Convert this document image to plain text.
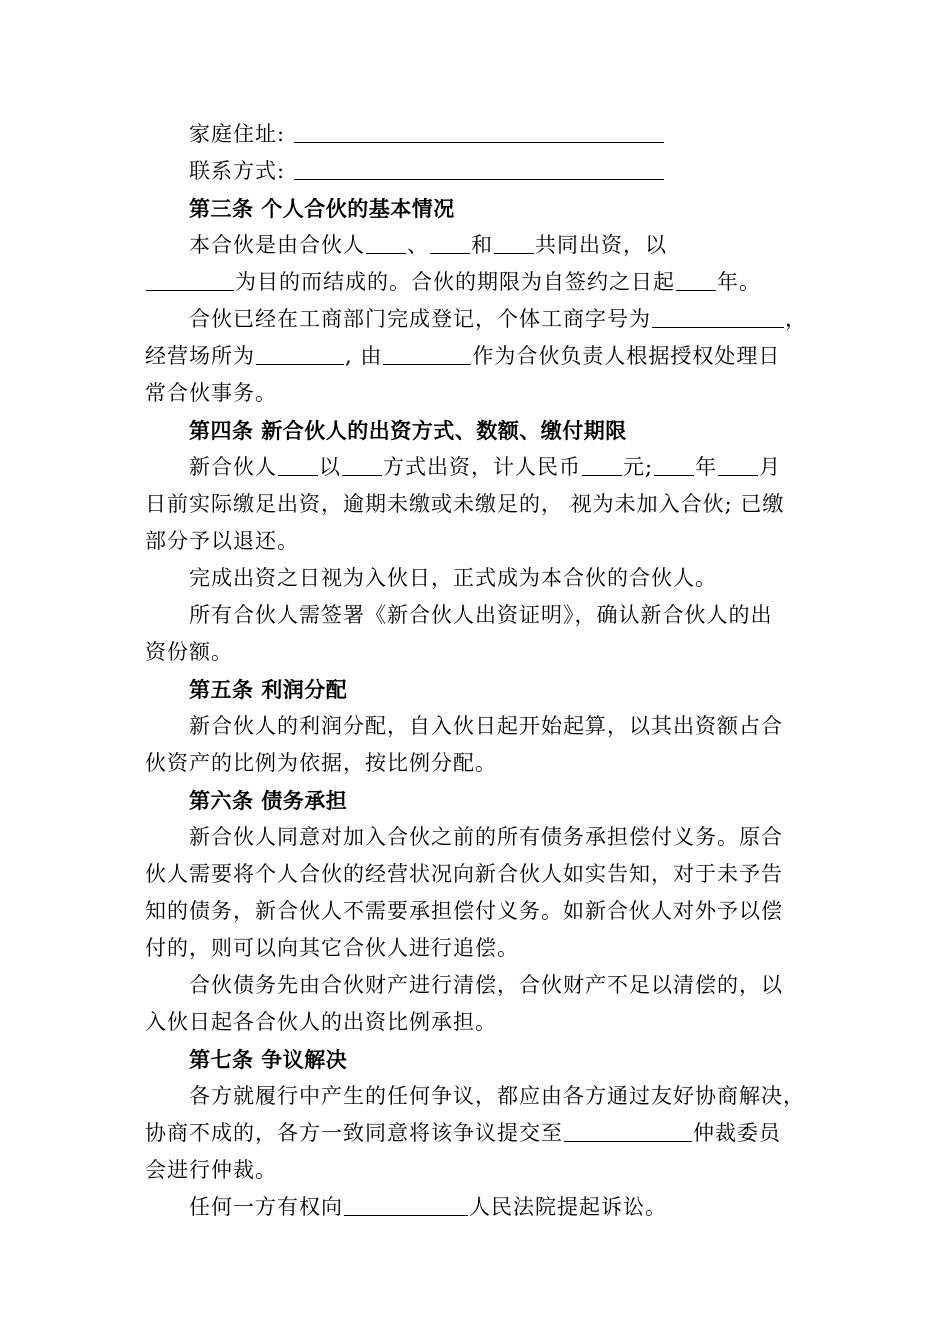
家庭住址:
联系方式:
第三条 个人合伙的基本情况
本合伙是由合伙人 、 和 共同出资，以
为目的而结成的。合伙的期限为自签约之日起 年。
合伙已经在工商部门完成登记，个体工商字号为	，
经营场所为	, 由	作为合伙负责人根据授权处理日
常合伙事务。
第四条 新合伙人的出资方式、数额、缴付期限
新合伙人 以 方式出资，计人民币 元; 年 月
日前实际缴足出资，逾期未缴或未缴足的， 视为未加入合伙; 已缴
部分予以退还。
完成出资之日视为入伙日，正式成为本合伙的合伙人。
所有合伙人需签署《新合伙人出资证明》，确认新合伙人的出
资份额。
第五条 利润分配
新合伙人的利润分配，自入伙日起开始起算，以其出资额占合
伙资产的比例为依据，按比例分配。
第六条 债务承担
新合伙人同意对加入合伙之前的所有债务承担偿付义务。原合
伙人需要将个人合伙的经营状况向新合伙人如实告知，对于未予告
知的债务，新合伙人不需要承担偿付义务。如新合伙人对外予以偿
付的，则可以向其它合伙人进行追偿。
合伙债务先由合伙财产进行清偿，合伙财产不足以清偿的，以
入伙日起各合伙人的出资比例承担。
第七条 争议解决
各方就履行中产生的任何争议，都应由各方通过友好协商解决，
协商不成的，各方一致同意将该争议提交至	仲裁委员
会进行仲裁。
任何一方有权向	人民法院提起诉讼。
